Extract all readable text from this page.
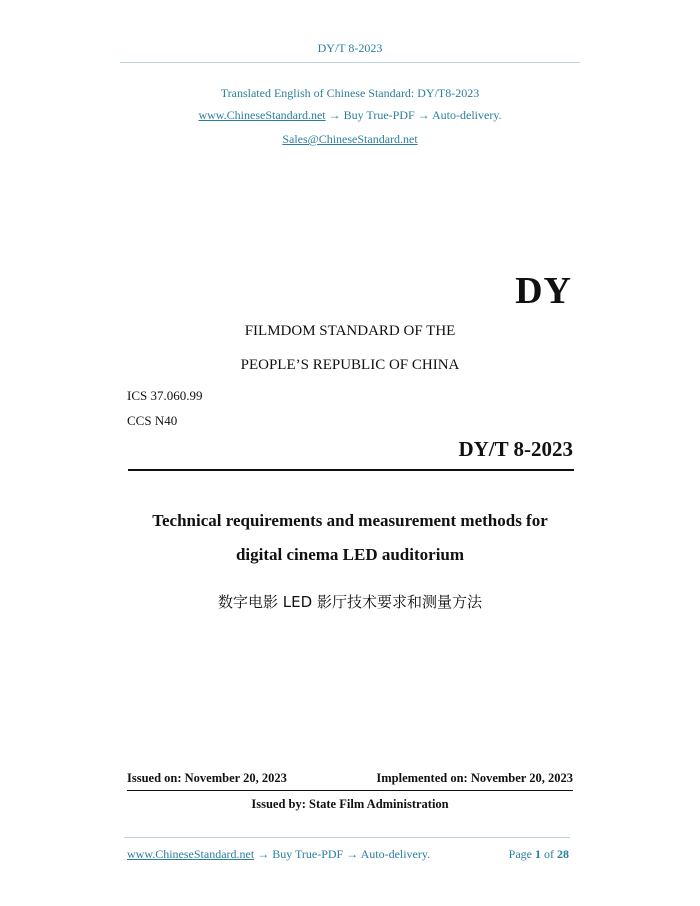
DY/T 8-2023
Translated English of Chinese Standard: DY/T8-2023
www.ChineseStandard.net → Buy True-PDF → Auto-delivery.
Sales@ChineseStandard.net
DY
FILMDOM STANDARD OF THE
PEOPLE’S REPUBLIC OF CHINA
ICS 37.060.99
CCS N40
DY/T 8-2023
Technical requirements and measurement methods for
digital cinema LED auditorium
数字电影 LED 影厅技术要求和测量方法
Issued on: November 20, 2023	Implemented on: November 20, 2023
Issued by: State Film Administration
www.ChineseStandard.net → Buy True-PDF → Auto-delivery.	Page 1 of 28
